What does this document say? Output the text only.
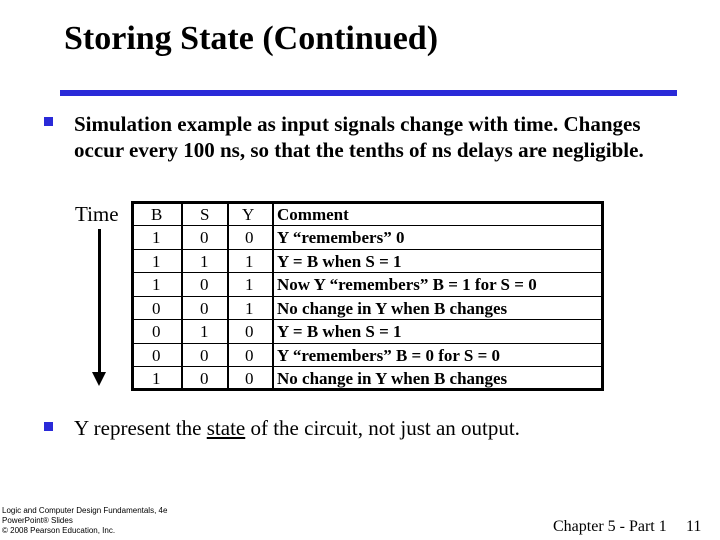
Storing State (Continued)
Simulation example as input signals change with time. Changes occur every 100 ns, so that the tenths of ns delays are negligible.
Time B S Y Comment
1 0 0 Y “remembers” 0
1 1 1 Y = B when S = 1
1 0 1 Now Y “remembers” B = 1 for S = 0
0 0 1 No change in Y when B changes
0 1 0 Y = B when S = 1
0 0 0 Y “remembers” B = 0 for S = 0
1 0 0 No change in Y when B changes
Y represent the state of the circuit, not just an output.
Logic and Computer Design Fundamentals, 4e
PowerPoint® Slides
© 2008 Pearson Education, Inc.	Chapter 5 - Part 1 11
